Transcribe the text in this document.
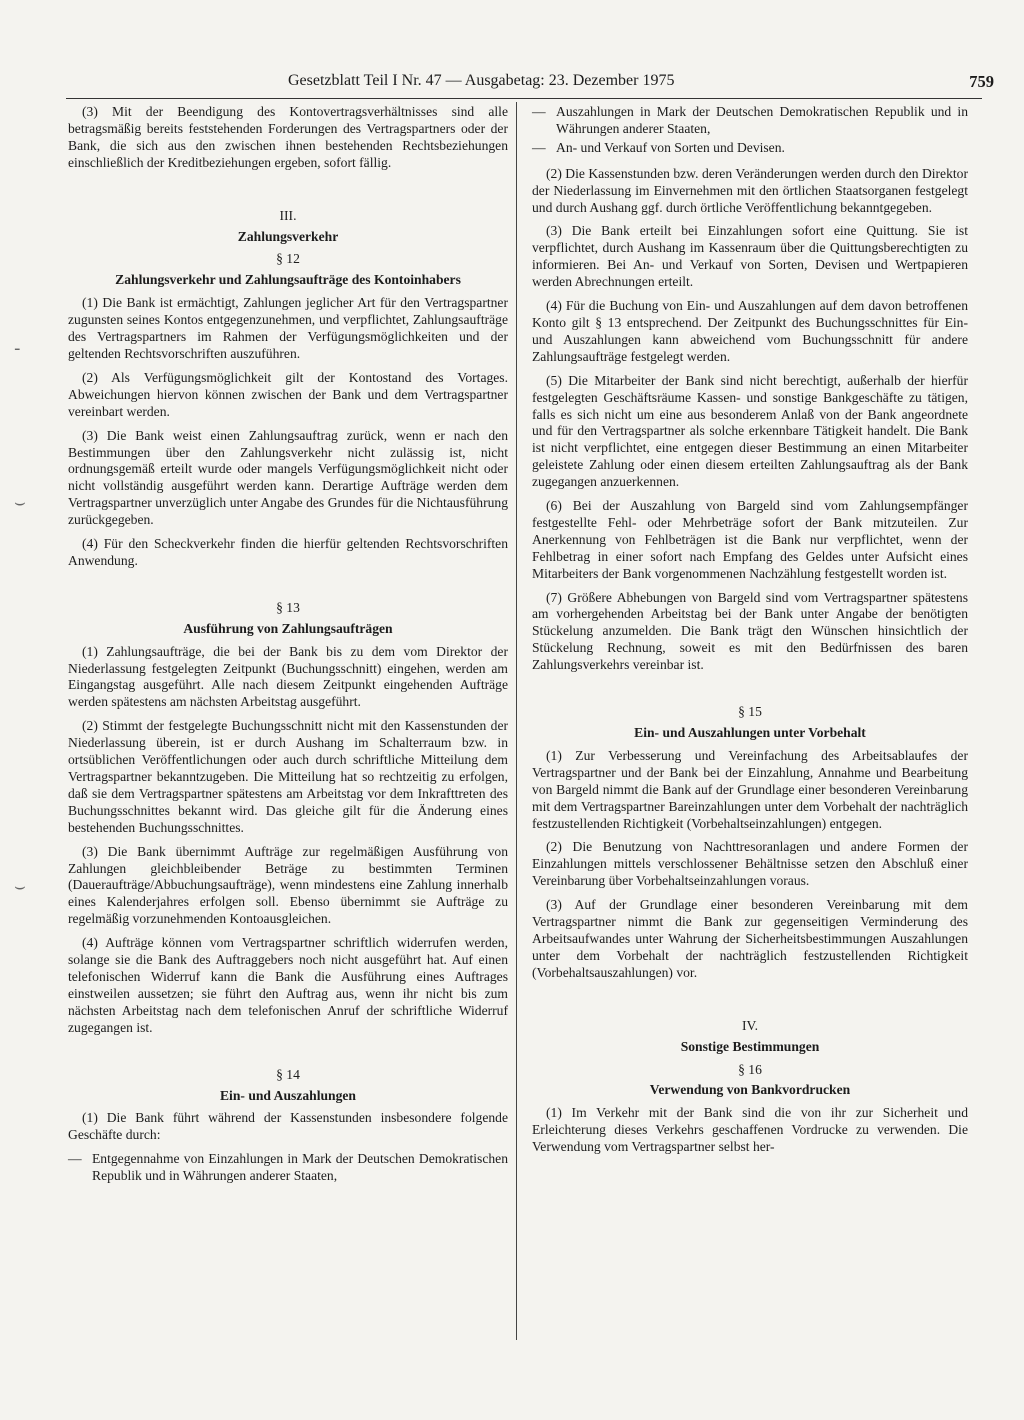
Gesetzblatt Teil I Nr. 47 — Ausgabetag: 23. Dezember 1975	759
-
⌣
⌣

(3) Mit der Beendigung des Kontovertragsverhältnisses sind alle betragsmäßig bereits feststehenden Forderungen des Vertragspartners oder der Bank, die sich aus den zwischen ihnen bestehenden Rechtsbeziehungen einschließlich der Kreditbeziehungen ergeben, sofort fällig.

III.
Zahlungsverkehr
§ 12
Zahlungsverkehr und Zahlungsaufträge des Kontoinhabers

(1) Die Bank ist ermächtigt, Zahlungen jeglicher Art für den Vertragspartner zugunsten seines Kontos entgegenzunehmen, und verpflichtet, Zahlungsaufträge des Vertragspartners im Rahmen der Verfügungsmöglichkeiten und der geltenden Rechtsvorschriften auszuführen.

(2) Als Verfügungsmöglichkeit gilt der Kontostand des Vortages. Abweichungen hiervon können zwischen der Bank und dem Vertragspartner vereinbart werden.

(3) Die Bank weist einen Zahlungsauftrag zurück, wenn er nach den Bestimmungen über den Zahlungsverkehr nicht zulässig ist, nicht ordnungsgemäß erteilt wurde oder mangels Verfügungsmöglichkeit nicht oder nicht vollständig ausgeführt werden kann. Derartige Aufträge werden dem Vertragspartner unverzüglich unter Angabe des Grundes für die Nichtausführung zurückgegeben.

(4) Für den Scheckverkehr finden die hierfür geltenden Rechtsvorschriften Anwendung.

§ 13
Ausführung von Zahlungsaufträgen

(1) Zahlungsaufträge, die bei der Bank bis zu dem vom Direktor der Niederlassung festgelegten Zeitpunkt (Buchungsschnitt) eingehen, werden am Eingangstag ausgeführt. Alle nach diesem Zeitpunkt eingehenden Aufträge werden spätestens am nächsten Arbeitstag ausgeführt.

(2) Stimmt der festgelegte Buchungsschnitt nicht mit den Kassenstunden der Niederlassung überein, ist er durch Aushang im Schalterraum bzw. in ortsüblichen Veröffentlichungen oder auch durch schriftliche Mitteilung dem Vertragspartner bekanntzugeben. Die Mitteilung hat so rechtzeitig zu erfolgen, daß sie dem Vertragspartner spätestens am Arbeitstag vor dem Inkrafttreten des Buchungsschnittes bekannt wird. Das gleiche gilt für die Änderung eines bestehenden Buchungsschnittes.

(3) Die Bank übernimmt Aufträge zur regelmäßigen Ausführung von Zahlungen gleichbleibender Beträge zu bestimmten Terminen (Daueraufträge/Abbuchungsaufträge), wenn mindestens eine Zahlung innerhalb eines Kalenderjahres erfolgen soll. Ebenso übernimmt sie Aufträge zu regelmäßig vorzunehmenden Kontoausgleichen.

(4) Aufträge können vom Vertragspartner schriftlich widerrufen werden, solange sie die Bank des Auftraggebers noch nicht ausgeführt hat. Auf einen telefonischen Widerruf kann die Bank die Ausführung eines Auftrages einstweilen aussetzen; sie führt den Auftrag aus, wenn ihr nicht bis zum nächsten Arbeitstag nach dem telefonischen Anruf der schriftliche Widerruf zugegangen ist.

§ 14
Ein- und Auszahlungen

(1) Die Bank führt während der Kassenstunden insbesondere folgende Geschäfte durch:

— Entgegennahme von Einzahlungen in Mark der Deutschen Demokratischen Republik und in Währungen anderer Staaten,

— Auszahlungen in Mark der Deutschen Demokratischen Republik und in Währungen anderer Staaten,

— An- und Verkauf von Sorten und Devisen.

(2) Die Kassenstunden bzw. deren Veränderungen werden durch den Direktor der Niederlassung im Einvernehmen mit den örtlichen Staatsorganen festgelegt und durch Aushang ggf. durch örtliche Veröffentlichung bekanntgegeben.

(3) Die Bank erteilt bei Einzahlungen sofort eine Quittung. Sie ist verpflichtet, durch Aushang im Kassenraum über die Quittungsberechtigten zu informieren. Bei An- und Verkauf von Sorten, Devisen und Wertpapieren werden Abrechnungen erteilt.

(4) Für die Buchung von Ein- und Auszahlungen auf dem davon betroffenen Konto gilt § 13 entsprechend. Der Zeitpunkt des Buchungsschnittes für Ein- und Auszahlungen kann abweichend vom Buchungsschnitt für andere Zahlungsaufträge festgelegt werden.

(5) Die Mitarbeiter der Bank sind nicht berechtigt, außerhalb der hierfür festgelegten Geschäftsräume Kassen- und sonstige Bankgeschäfte zu tätigen, falls es sich nicht um eine aus besonderem Anlaß von der Bank angeordnete und für den Vertragspartner als solche erkennbare Tätigkeit handelt. Die Bank ist nicht verpflichtet, eine entgegen dieser Bestimmung an einen Mitarbeiter geleistete Zahlung oder einen diesem erteilten Zahlungsauftrag als der Bank zugegangen anzuerkennen.

(6) Bei der Auszahlung von Bargeld sind vom Zahlungsempfänger festgestellte Fehl- oder Mehrbeträge sofort der Bank mitzuteilen. Zur Anerkennung von Fehlbeträgen ist die Bank nur verpflichtet, wenn der Fehlbetrag in einer sofort nach Empfang des Geldes unter Aufsicht eines Mitarbeiters der Bank vorgenommenen Nachzählung festgestellt worden ist.

(7) Größere Abhebungen von Bargeld sind vom Vertragspartner spätestens am vorhergehenden Arbeitstag bei der Bank unter Angabe der benötigten Stückelung anzumelden. Die Bank trägt den Wünschen hinsichtlich der Stückelung Rechnung, soweit es mit den Bedürfnissen des baren Zahlungsverkehrs vereinbar ist.

§ 15
Ein- und Auszahlungen unter Vorbehalt

(1) Zur Verbesserung und Vereinfachung des Arbeitsablaufes der Vertragspartner und der Bank bei der Einzahlung, Annahme und Bearbeitung von Bargeld nimmt die Bank auf der Grundlage einer besonderen Vereinbarung mit dem Vertragspartner Bareinzahlungen unter dem Vorbehalt der nachträglich festzustellenden Richtigkeit (Vorbehaltseinzahlungen) entgegen.

(2) Die Benutzung von Nachttresoranlagen und andere Formen der Einzahlungen mittels verschlossener Behältnisse setzen den Abschluß einer Vereinbarung über Vorbehaltseinzahlungen voraus.

(3) Auf der Grundlage einer besonderen Vereinbarung mit dem Vertragspartner nimmt die Bank zur gegenseitigen Verminderung des Arbeitsaufwandes unter Wahrung der Sicherheitsbestimmungen Auszahlungen unter dem Vorbehalt der nachträglich festzustellenden Richtigkeit (Vorbehaltsauszahlungen) vor.

IV.
Sonstige Bestimmungen
§ 16
Verwendung von Bankvordrucken

(1) Im Verkehr mit der Bank sind die von ihr zur Sicherheit und Erleichterung dieses Verkehrs geschaffenen Vordrucke zu verwenden. Die Verwendung vom Vertragspartner selbst her-
